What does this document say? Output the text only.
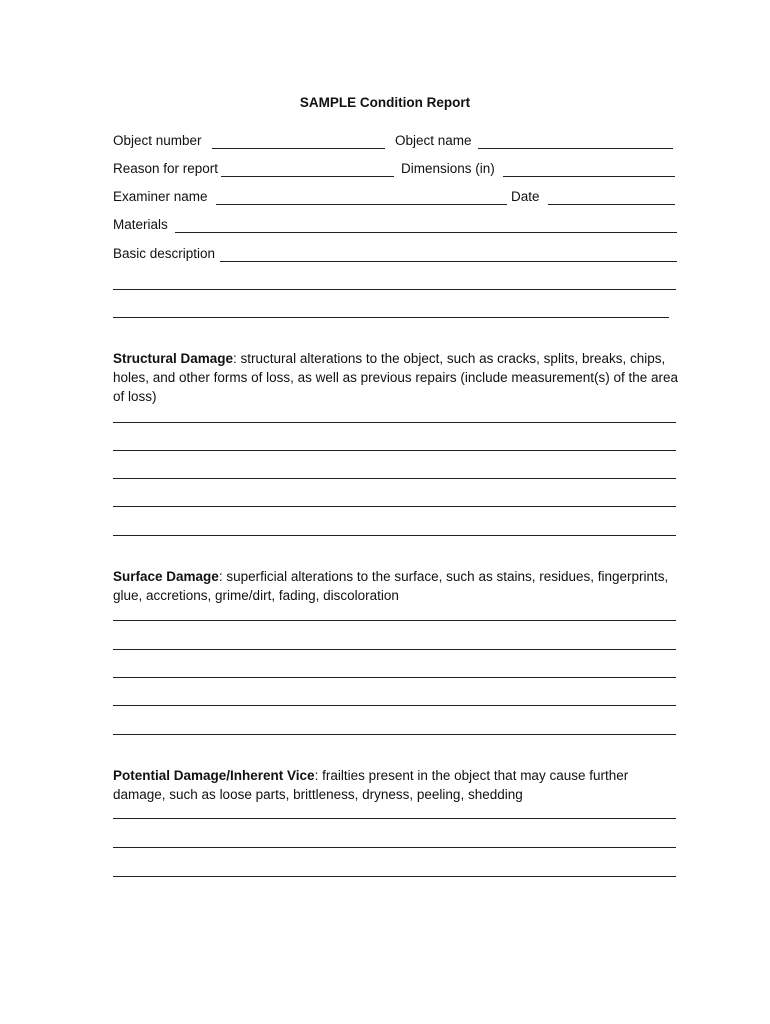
SAMPLE Condition Report
Object number	Object name
Reason for report	Dimensions (in)
Examiner name	Date
Materials
Basic description
Structural Damage: structural alterations to the object, such as cracks, splits, breaks, chips, holes, and other forms of loss, as well as previous repairs (include measurement(s) of the area of loss)
Surface Damage: superficial alterations to the surface, such as stains, residues, fingerprints, glue, accretions, grime/dirt, fading, discoloration
Potential Damage/Inherent Vice: frailties present in the object that may cause further damage, such as loose parts, brittleness, dryness, peeling, shedding
